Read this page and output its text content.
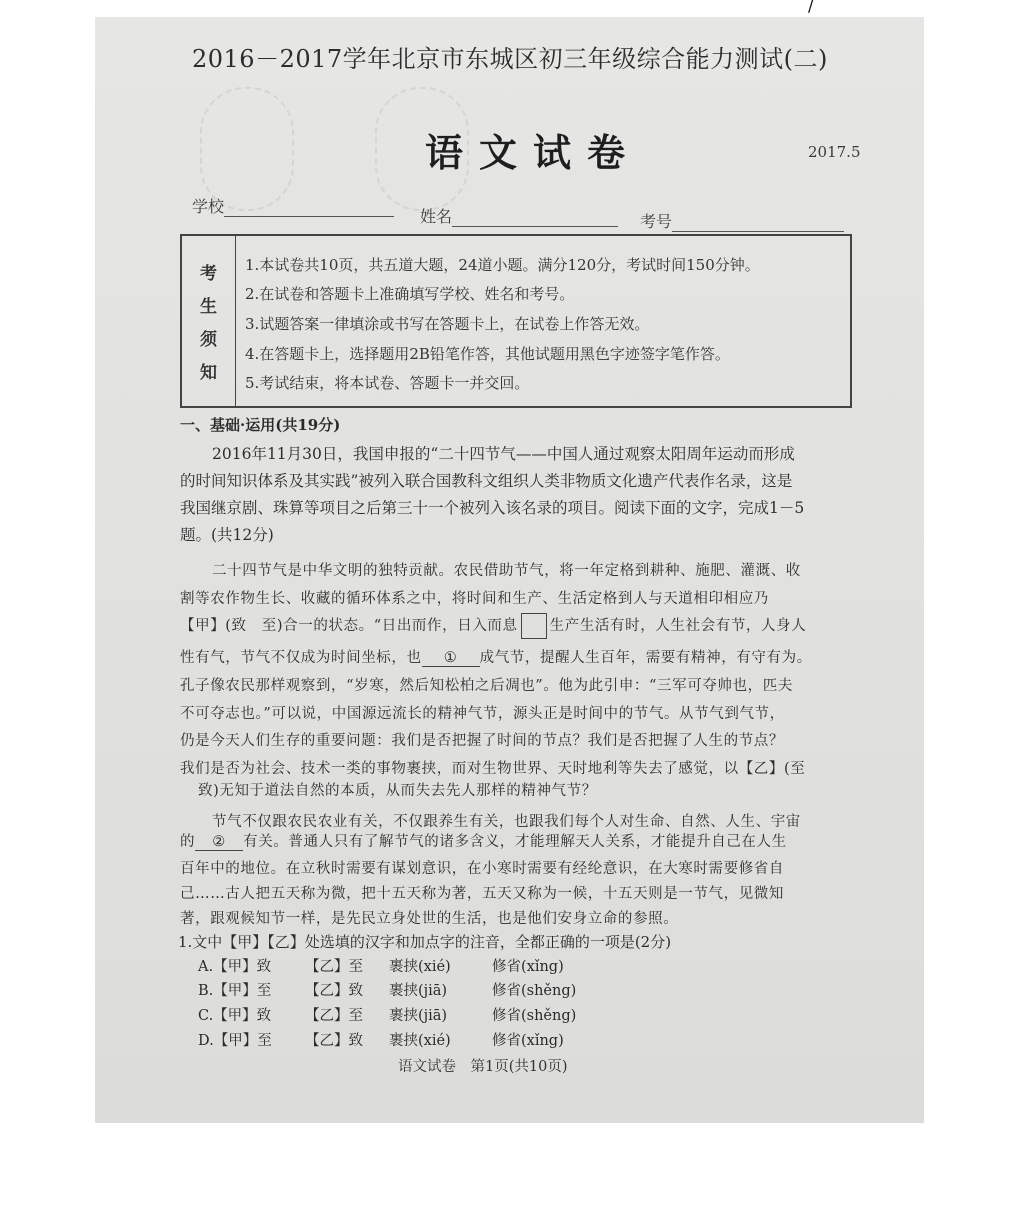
/
2016－2017学年北京市东城区初三年级综合能力测试(二)
语文试卷	2017.5
学校
姓名	考号
考
生
须
知
1.本试卷共10页，共五道大题，24道小题。满分120分，考试时间150分钟。
2.在试卷和答题卡上准确填写学校、姓名和考号。
3.试题答案一律填涂或书写在答题卡上，在试卷上作答无效。
4.在答题卡上，选择题用2B铅笔作答，其他试题用黑色字迹签字笔作答。
5.考试结束，将本试卷、答题卡一并交回。
一、基础·运用(共19分)
2016年11月30日，我国申报的“二十四节气——中国人通过观察太阳周年运动而形成
的时间知识体系及其实践”被列入联合国教科文组织人类非物质文化遗产代表作名录，这是
我国继京剧、珠算等项目之后第三十一个被列入该名录的项目。阅读下面的文字，完成1－5
题。(共12分)
二十四节气是中华文明的独特贡献。农民借助节气，将一年定格到耕种、施肥、灌溉、收
割等农作物生长、收藏的循环体系之中，将时间和生产、生活定格到人与天道相印相应乃
【甲】(致　至)合一的状态。“日出而作，日入而息 生产生活有时，人生社会有节，人身人
性有气，节气不仅成为时间坐标，也 ① 成气节，提醒人生百年，需要有精神，有守有为。
孔子像农民那样观察到，“岁寒，然后知松柏之后凋也”。他为此引申：“三军可夺帅也，匹夫
不可夺志也。”可以说，中国源远流长的精神气节，源头正是时间中的节气。从节气到气节，
仍是今天人们生存的重要问题：我们是否把握了时间的节点？我们是否把握了人生的节点？
我们是否为社会、技术一类的事物裹挟，而对生物世界、天时地利等失去了感觉，以【乙】(至
致)无知于道法自然的本质，从而失去先人那样的精神气节？
节气不仅跟农民农业有关，不仅跟养生有关，也跟我们每个人对生命、自然、人生、宇宙
的 ② 有关。普通人只有了解节气的诸多含义，才能理解天人关系，才能提升自己在人生
百年中的地位。在立秋时需要有谋划意识，在小寒时需要有经纶意识，在大寒时需要修省自
己……古人把五天称为微，把十五天称为著，五天又称为一候，十五天则是一节气，见微知
著，跟观候知节一样，是先民立身处世的生活，也是他们安身立命的参照。
1.文中【甲】【乙】处选填的汉字和加点字的注音，全都正确的一项是(2分)
A.【甲】致 【乙】至 裹挟(xié)	修省(xǐng)
B.【甲】至 【乙】致 裹挟(jiā)	修省(shěng)
C.【甲】致 【乙】至 裹挟(jiā)	修省(shěng)
D.【甲】至 【乙】致 裹挟(xié)	修省(xǐng)
语文试卷　第1页(共10页)
